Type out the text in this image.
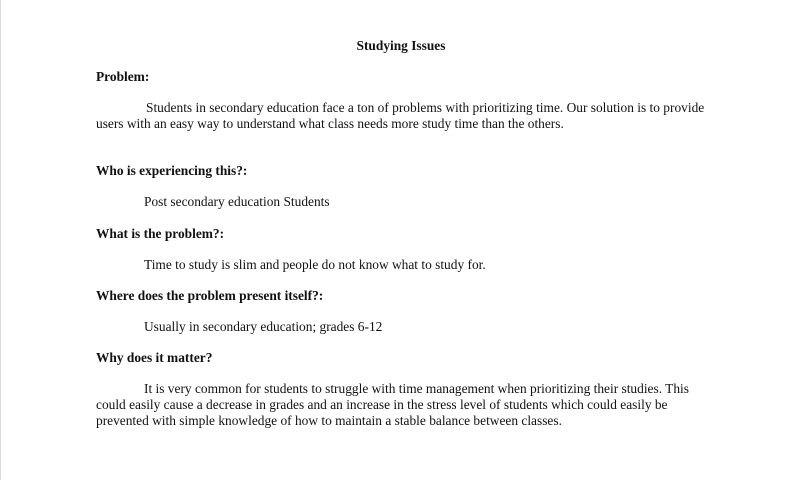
Studying Issues
Problem:

Students in secondary education face a ton of problems with prioritizing time. Our solution is to provide users with an easy way to understand what class needs more study time than the others.

Who is experiencing this?:
Post secondary education Students
What is the problem?:
Time to study is slim and people do not know what to study for.
Where does the problem present itself?:
Usually in secondary education; grades 6-12
Why does it matter?

It is very common for students to struggle with time management when prioritizing their studies. This could easily cause a decrease in grades and an increase in the stress level of students which could easily be prevented with simple knowledge of how to maintain a stable balance between classes.
